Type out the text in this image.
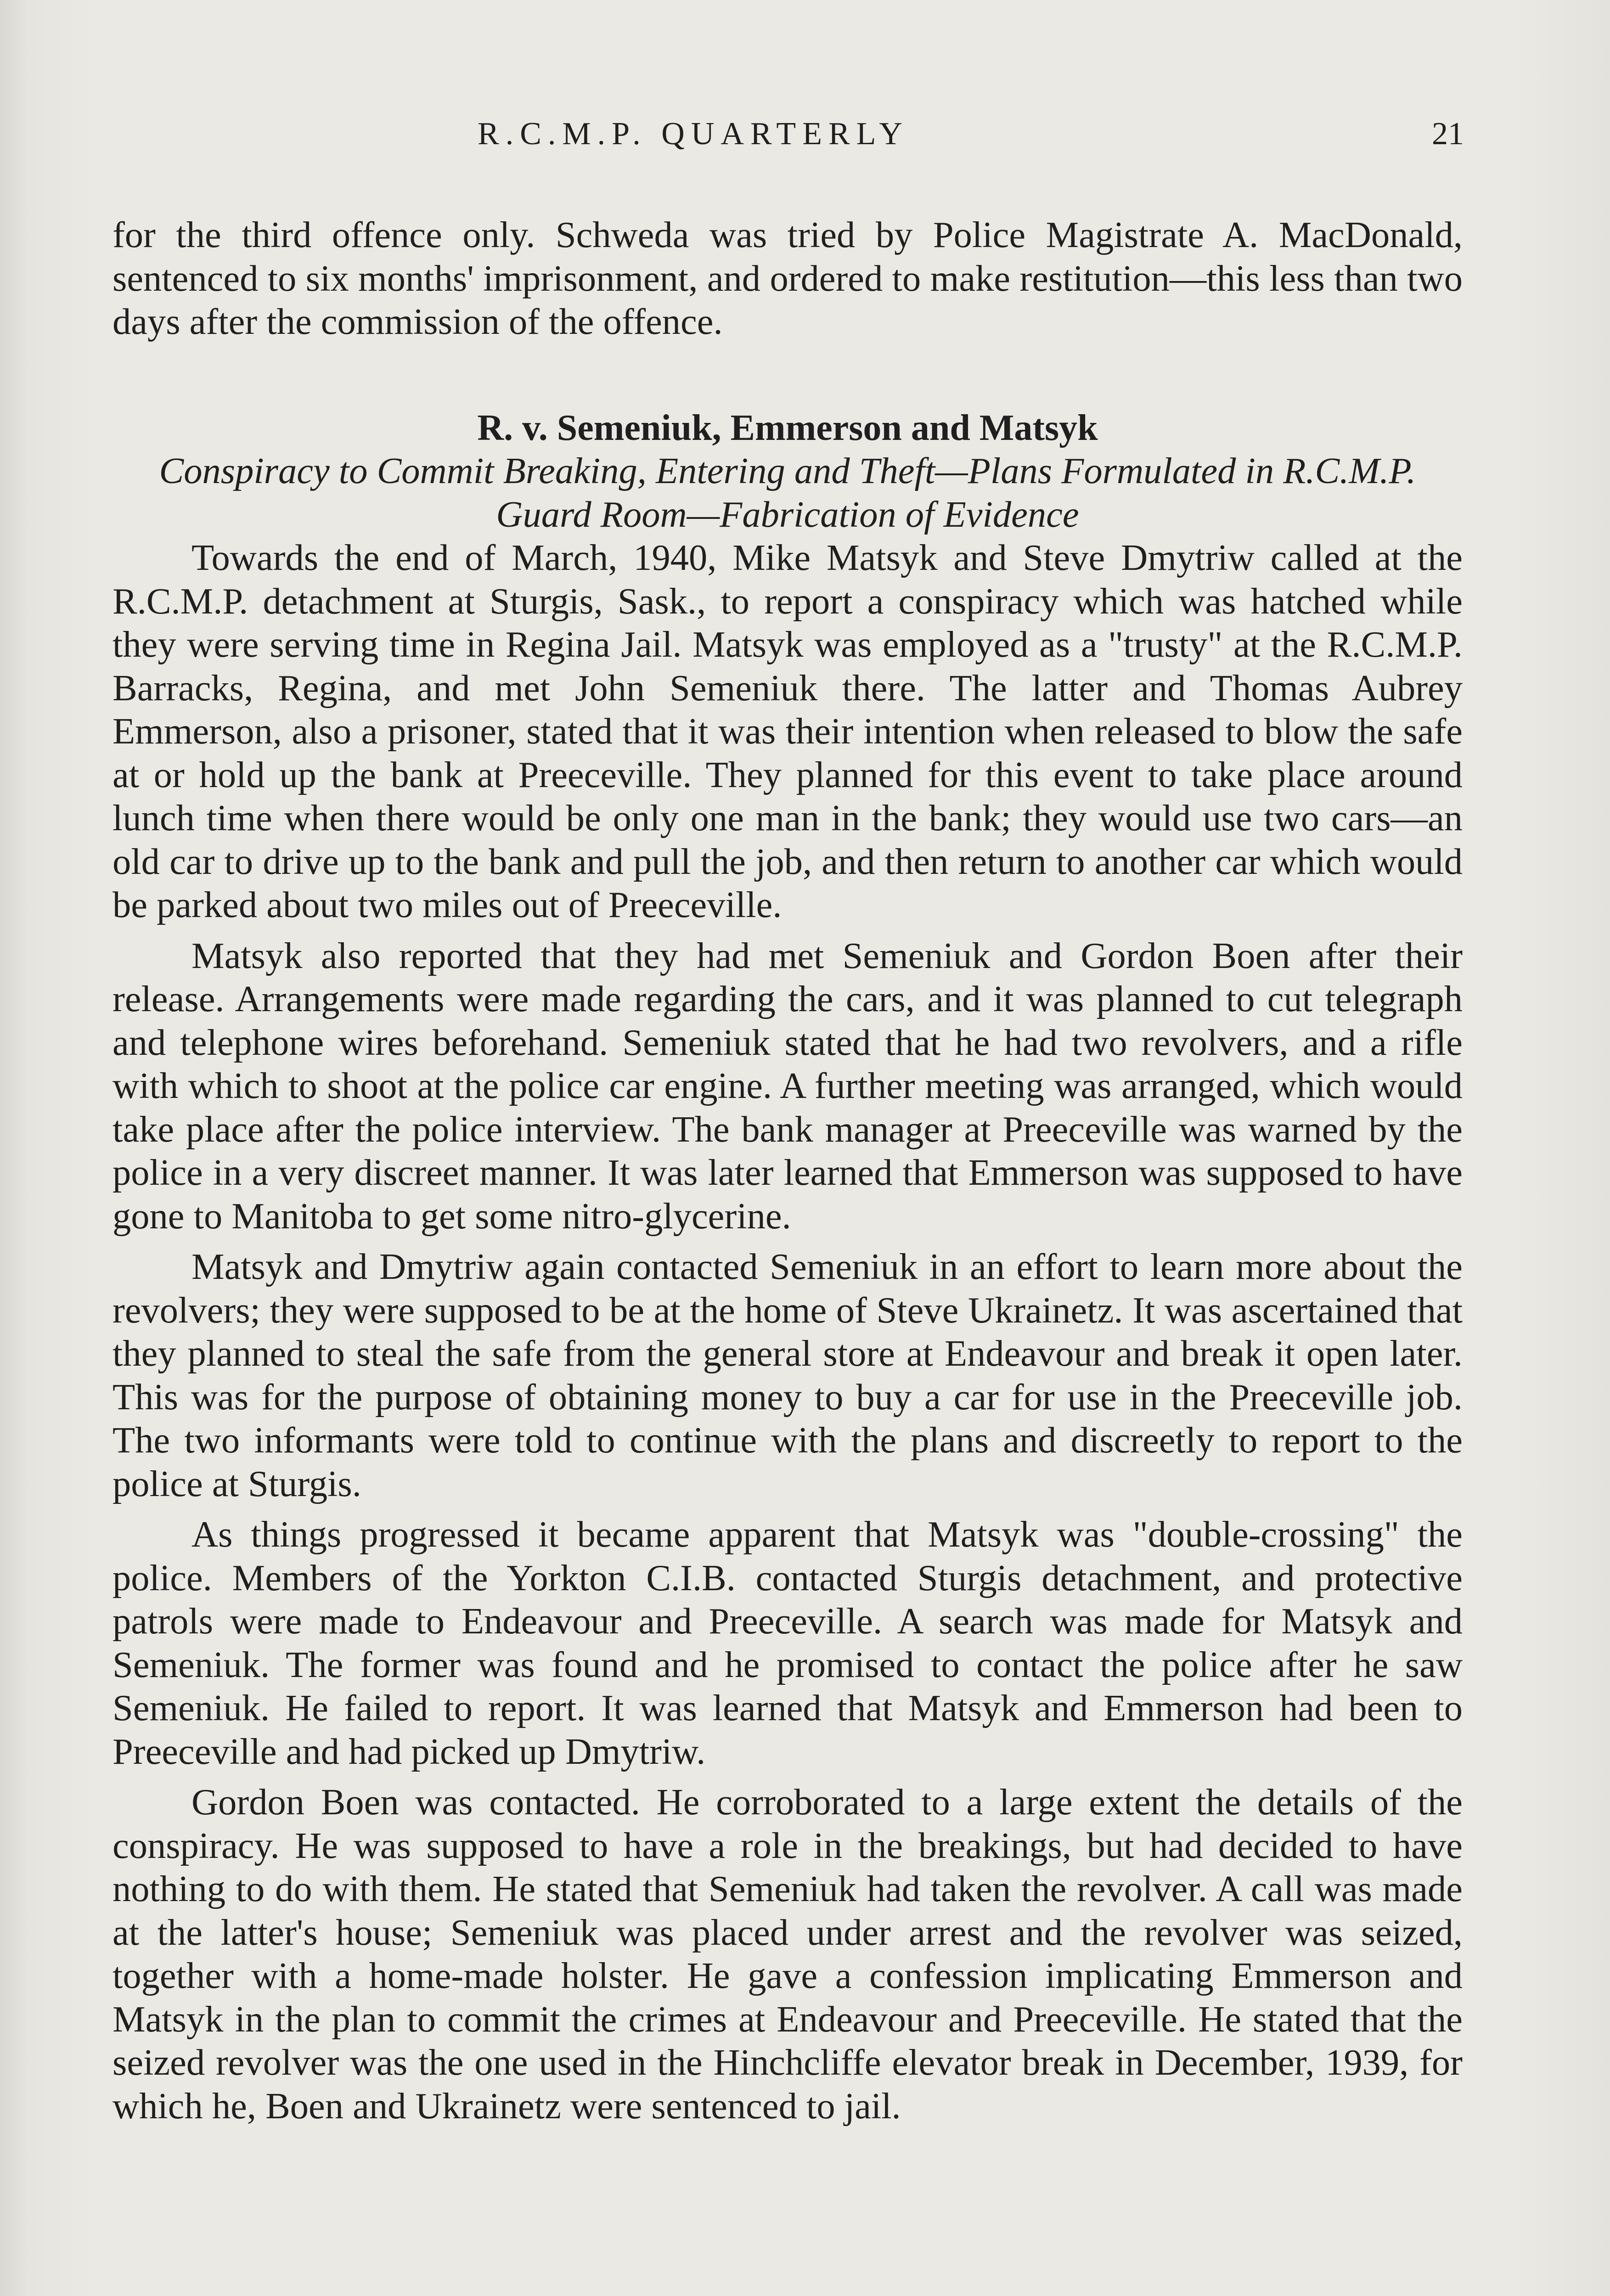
R.C.M.P. QUARTERLY	21

for the third offence only. Schweda was tried by Police Magistrate A. MacDonald, sentenced to six months' imprisonment, and ordered to make restitution—this less than two days after the commission of the offence.

R. v. Semeniuk, Emmerson and Matsyk
Conspiracy to Commit Breaking, Entering and Theft—Plans Formulated in R.C.M.P. Guard Room—Fabrication of Evidence

Towards the end of March, 1940, Mike Matsyk and Steve Dmytriw called at the R.C.M.P. detachment at Sturgis, Sask., to report a conspiracy which was hatched while they were serving time in Regina Jail. Matsyk was employed as a "trusty" at the R.C.M.P. Barracks, Regina, and met John Semeniuk there. The latter and Thomas Aubrey Emmerson, also a prisoner, stated that it was their intention when released to blow the safe at or hold up the bank at Preeceville. They planned for this event to take place around lunch time when there would be only one man in the bank; they would use two cars—an old car to drive up to the bank and pull the job, and then return to another car which would be parked about two miles out of Preeceville.

Matsyk also reported that they had met Semeniuk and Gordon Boen after their release. Arrangements were made regarding the cars, and it was planned to cut telegraph and telephone wires beforehand. Semeniuk stated that he had two revolvers, and a rifle with which to shoot at the police car engine. A further meeting was arranged, which would take place after the police interview. The bank manager at Preeceville was warned by the police in a very discreet manner. It was later learned that Emmerson was supposed to have gone to Manitoba to get some nitro-glycerine.

Matsyk and Dmytriw again contacted Semeniuk in an effort to learn more about the revolvers; they were supposed to be at the home of Steve Ukrainetz. It was ascertained that they planned to steal the safe from the general store at Endeavour and break it open later. This was for the purpose of obtaining money to buy a car for use in the Preeceville job. The two informants were told to continue with the plans and discreetly to report to the police at Sturgis.

As things progressed it became apparent that Matsyk was "double-crossing" the police. Members of the Yorkton C.I.B. contacted Sturgis detachment, and protective patrols were made to Endeavour and Preeceville. A search was made for Matsyk and Semeniuk. The former was found and he promised to contact the police after he saw Semeniuk. He failed to report. It was learned that Matsyk and Emmerson had been to Preeceville and had picked up Dmytriw.

Gordon Boen was contacted. He corroborated to a large extent the details of the conspiracy. He was supposed to have a role in the breakings, but had decided to have nothing to do with them. He stated that Semeniuk had taken the revolver. A call was made at the latter's house; Semeniuk was placed under arrest and the revolver was seized, together with a home-made holster. He gave a confession implicating Emmerson and Matsyk in the plan to commit the crimes at Endeavour and Preeceville. He stated that the seized revolver was the one used in the Hinchcliffe elevator break in December, 1939, for which he, Boen and Ukrainetz were sentenced to jail.
